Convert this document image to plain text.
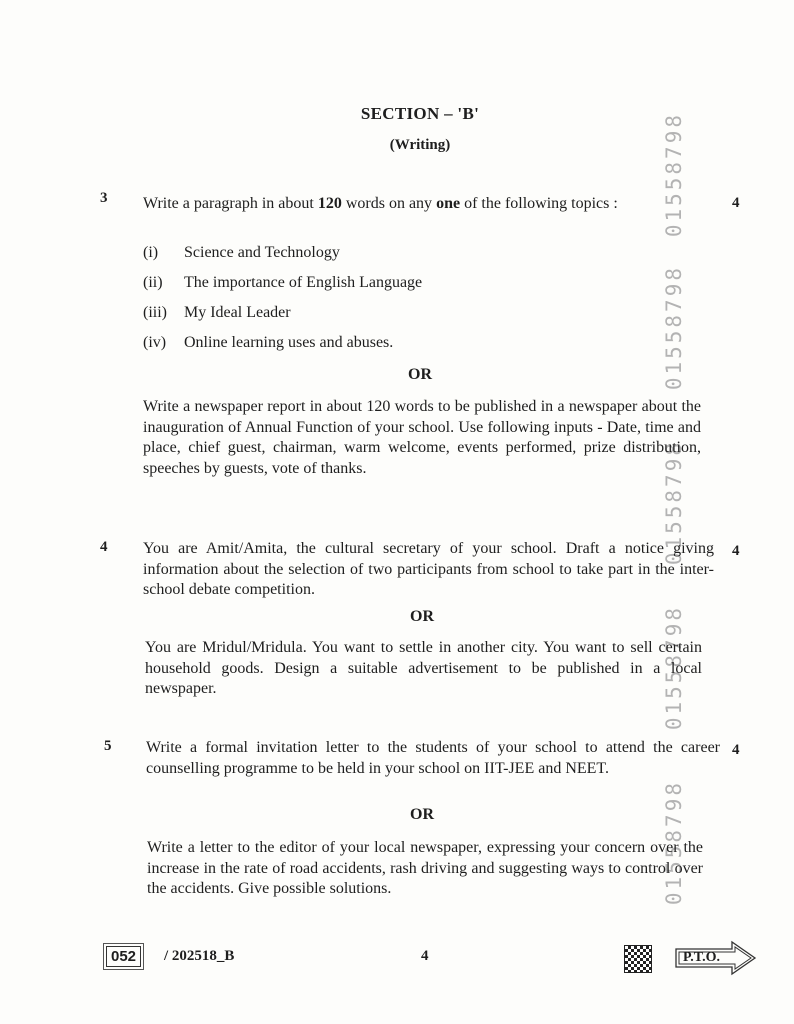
SECTION – 'B'
(Writing)	01558798
01558798
01558798
01558798
01558798
3	4
Write a paragraph in about 120 words on any one of the following topics :
(i) Science and Technology
(ii) The importance of English Language
(iii) My Ideal Leader
(iv) Online learning uses and abuses.
OR
Write a newspaper report in about 120 words to be published in a newspaper about the inauguration of Annual Function of your school. Use following inputs - Date, time and place, chief guest, chairman, warm welcome, events performed, prize distribution, speeches by guests, vote of thanks.
4	4
You are Amit/Amita, the cultural secretary of your school. Draft a notice giving information about the selection of two participants from school to take part in the inter-school debate competition.
OR
You are Mridul/Mridula. You want to settle in another city. You want to sell certain household goods. Design a suitable advertisement to be published in a local newspaper.
5	4
Write a formal invitation letter to the students of your school to attend the career counselling programme to be held in your school on IIT-JEE and NEET.
OR
Write a letter to the editor of your local newspaper, expressing your concern over the increase in the rate of road accidents, rash driving and suggesting ways to control over the accidents. Give possible solutions.
052	/ 202518_B	4	P.T.O.
